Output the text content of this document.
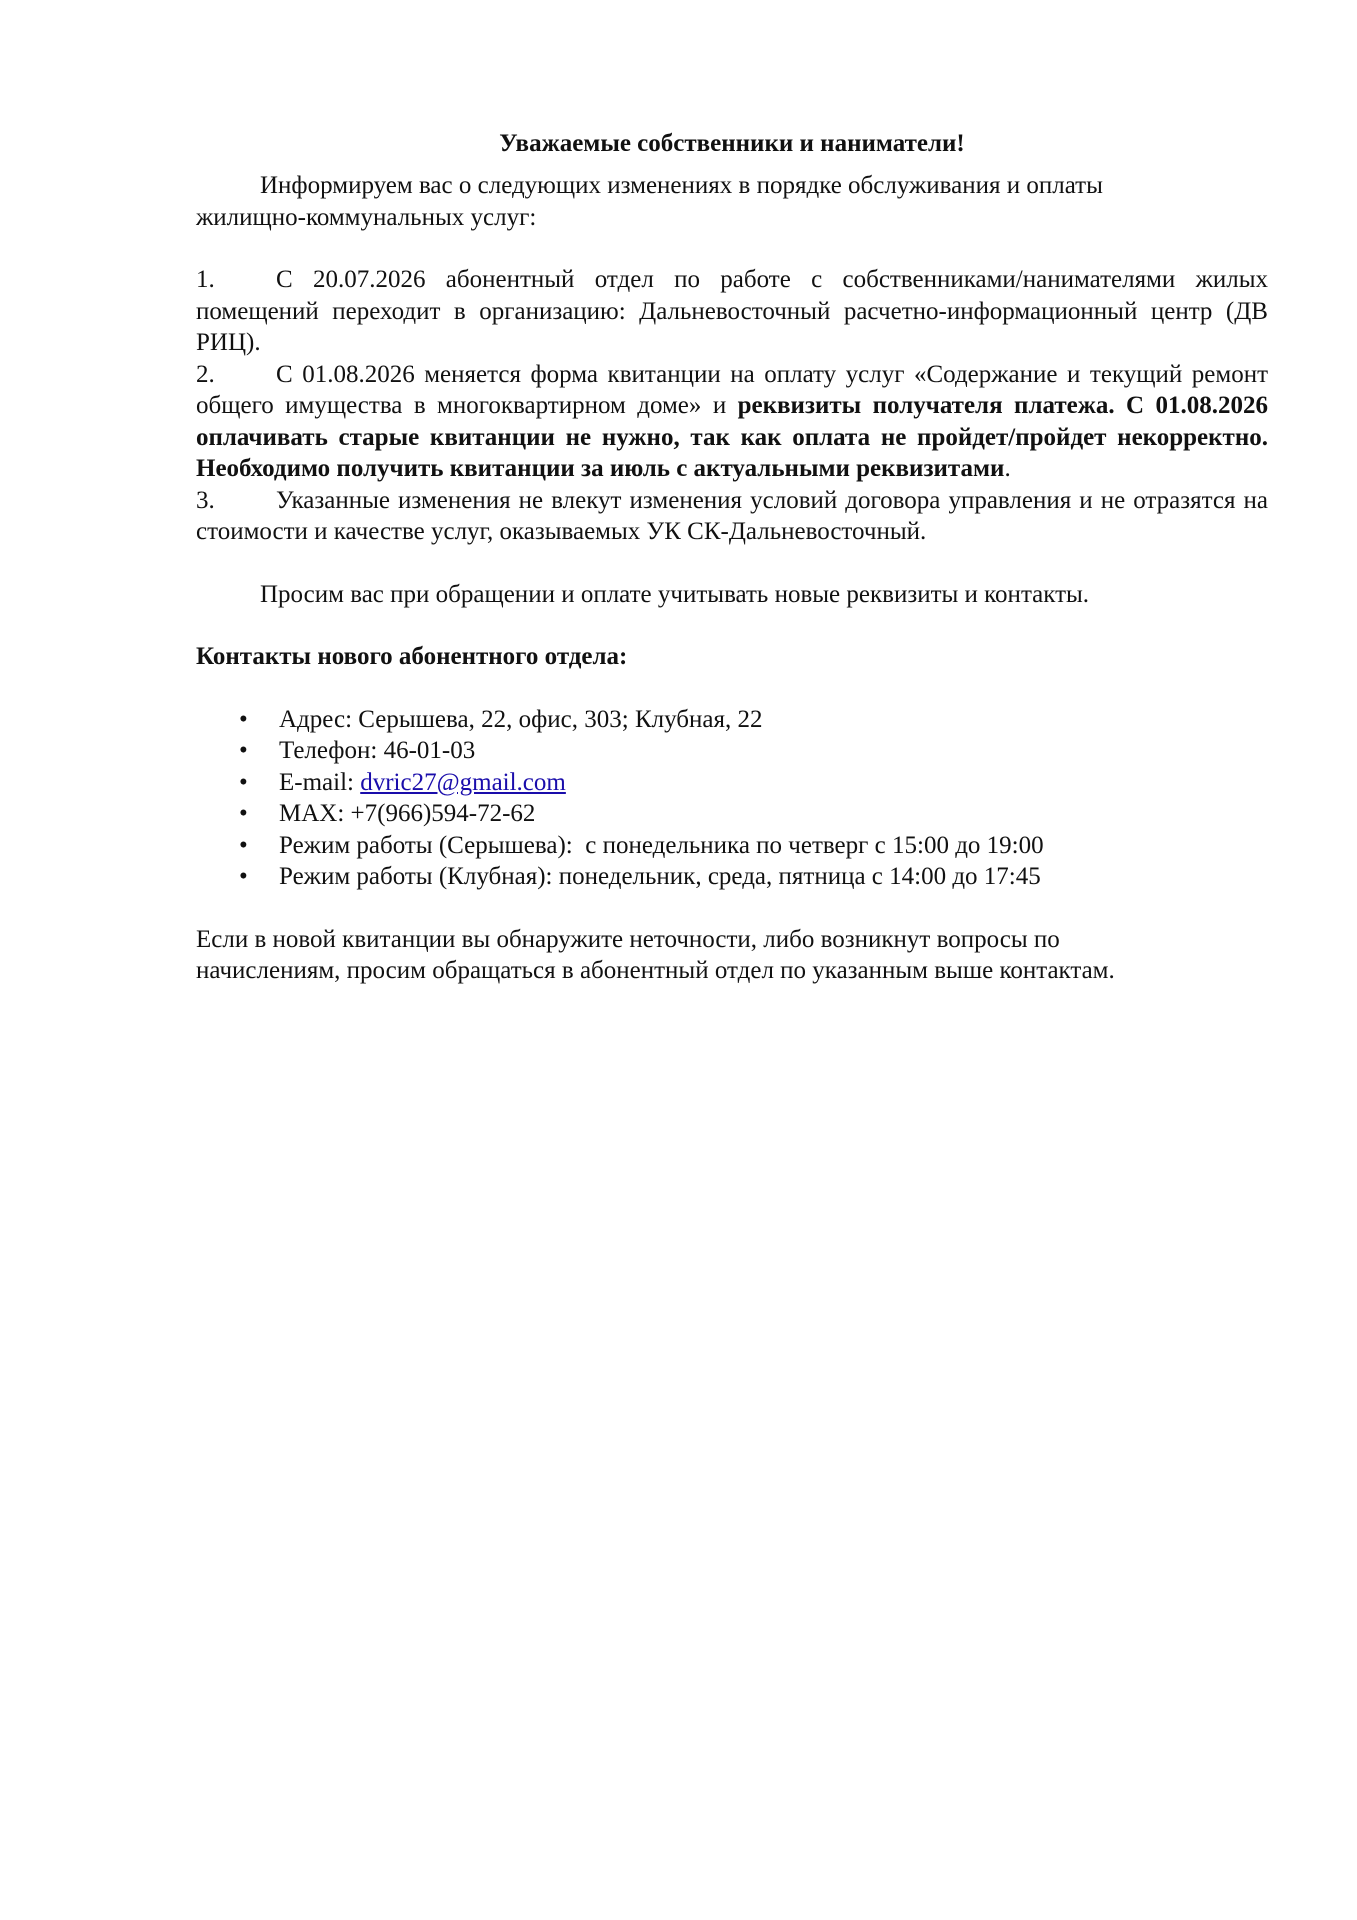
Уважаемые собственники и наниматели!

Информируем вас о следующих изменениях в порядке обслуживания и оплаты жилищно-коммунальных услуг:

1. С 20.07.2026 абонентный отдел по работе с собственниками/нанимателями жилых помещений переходит в организацию: Дальневосточный расчетно-информационный центр (ДВ РИЦ).

2. С 01.08.2026 меняется форма квитанции на оплату услуг «Содержание и текущий ремонт общего имущества в многоквартирном доме» и реквизиты получателя платежа. С 01.08.2026 оплачивать старые квитанции не нужно, так как оплата не пройдет/пройдет некорректно. Необходимо получить квитанции за июль с актуальными реквизитами.

3. Указанные изменения не влекут изменения условий договора управления и не отразятся на стоимости и качестве услуг, оказываемых УК СК-Дальневосточный.

Просим вас при обращении и оплате учитывать новые реквизиты и контакты.

Контакты нового абонентного отдела:

• Адрес: Серышева, 22, офис, 303; Клубная, 22
• Телефон: 46-01-03
• E-mail: dvric27@gmail.com
• MAX: +7(966)594-72-62
• Режим работы (Серышева):  с понедельника по четверг с 15:00 до 19:00
• Режим работы (Клубная): понедельник, среда, пятница с 14:00 до 17:45

Если в новой квитанции вы обнаружите неточности, либо возникнут вопросы по начислениям, просим обращаться в абонентный отдел по указанным выше контактам.
